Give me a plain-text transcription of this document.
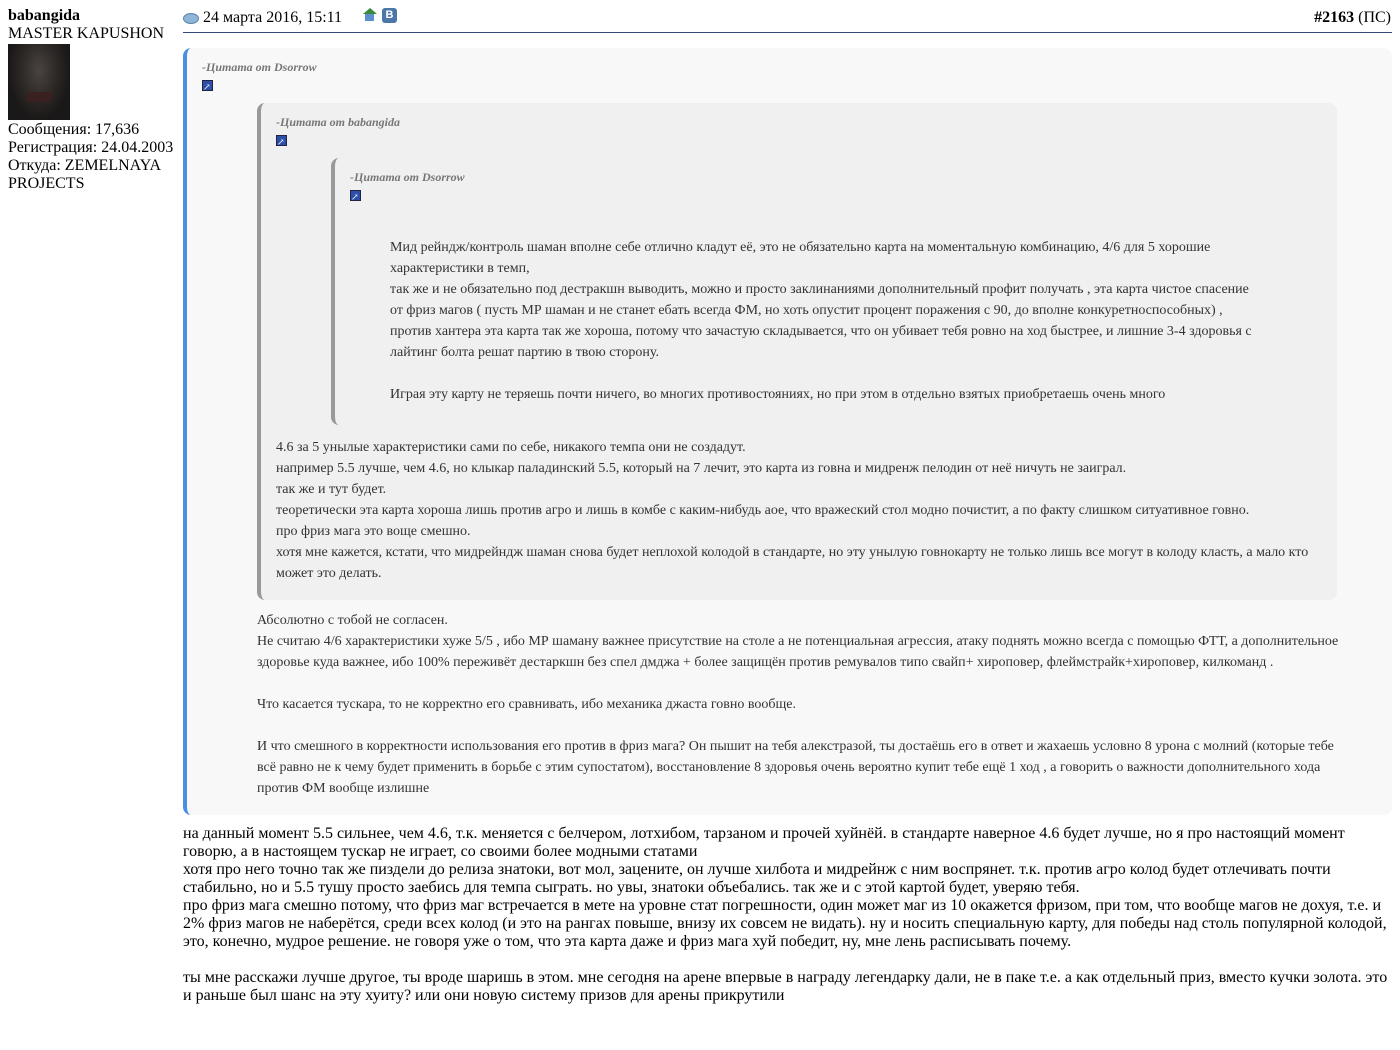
babangida
MASTER KAPUSHON
Сообщения: 17,636
Регистрация: 24.04.2003
Откуда: ZEMELNAYA PROJECTS
24 марта 2016, 15:11	В	#2163 (ПС)
-Цитата от Dsorrow
↗
-Цитата от babangida
↗
-Цитата от Dsorrow
↗

Мид рейндж/контроль шаман вполне себе отлично кладут её, это не обязательно карта на моментальную комбинацию, 4/6 для 5 хорошие характеристики в темп,

так же и не обязательно под дестракшн выводить, можно и просто заклинаниями дополнительный профит получать , эта карта чистое спасение от фриз магов ( пусть МР шаман и не станет ебать всегда ФМ, но хоть опустит процент поражения с 90, до вполне конкуретноспособных) ,

против хантера эта карта так же хороша, потому что зачастую складывается, что он убивает тебя ровно на ход быстрее, и лишние 3-4 здоровья с лайтинг болта решат партию в твою сторону.

Играя эту карту не теряешь почти ничего, во многих противостояниях, но при этом в отдельно взятых приобретаешь очень много

4.6 за 5 унылые характеристики сами по себе, никакого темпа они не создадут.

например 5.5 лучше, чем 4.6, но клыкар паладинский 5.5, который на 7 лечит, это карта из говна и мидренж пелодин от неё ничуть не заиграл.

так же и тут будет.

теоретически эта карта хороша лишь против агро и лишь в комбе с каким-нибудь аое, что вражеский стол модно почистит, а по факту слишком ситуативное говно.

про фриз мага это воще смешно.

хотя мне кажется, кстати, что мидрейндж шаман снова будет неплохой колодой в стандарте, но эту унылую говнокарту не только лишь все могут в колоду класть, а мало кто может это делать.

Абсолютно с тобой не согласен.

Не считаю 4/6 характеристики хуже 5/5 , ибо МР шаману важнее присутствие на столе а не потенциальная агрессия, атаку поднять можно всегда с помощью ФТТ, а дополнительное здоровье куда важнее, ибо 100% переживёт дестаркшн без спел дмджа + более защищён против ремувалов типо свайп+ хироповер, флеймстрайк+хироповер, килкоманд .

Что касается тускара, то не корректно его сравнивать, ибо механика джаста говно вообще.

И что смешного в корректности использования его против в фриз мага? Он пышит на тебя алекстразой, ты достаёшь его в ответ и жахаешь условно 8 урона с молний (которые тебе всё равно не к чему будет применить в борьбе с этим супостатом), восстановление 8 здоровья очень вероятно купит тебе ещё 1 ход , а говорить о важности дополнительного хода против ФМ вообще излишне

на данный момент 5.5 сильнее, чем 4.6, т.к. меняется с белчером, лотхибом, тарзаном и прочей хуйнёй. в стандарте наверное 4.6 будет лучше, но я про настоящий момент говорю, а в настоящем тускар не играет, со своими более модными статами

хотя про него точно так же пиздели до релиза знатоки, вот мол, зацените, он лучше хилбота и мидрейнж с ним воспрянет. т.к. против агро колод будет отлечивать почти стабильно, но и 5.5 тушу просто заебись для темпа сыграть. но увы, знатоки объебались. так же и с этой картой будет, уверяю тебя.

про фриз мага смешно потому, что фриз маг встречается в мете на уровне стат погрешности, один может маг из 10 окажется фризом, при том, что вообще магов не дохуя, т.е. и 2% фриз магов не наберётся, среди всех колод (и это на рангах повыше, внизу их совсем не видать). ну и носить специальную карту, для победы над столь популярной колодой, это, конечно, мудрое решение. не говоря уже о том, что эта карта даже и фриз мага хуй победит, ну, мне лень расписывать почему.

ты мне расскажи лучше другое, ты вроде шаришь в этом. мне сегодня на арене впервые в награду легендарку дали, не в паке т.е. а как отдельный приз, вместо кучки золота. это и раньше был шанс на эту хуиту? или они новую систему призов для арены прикрутили
